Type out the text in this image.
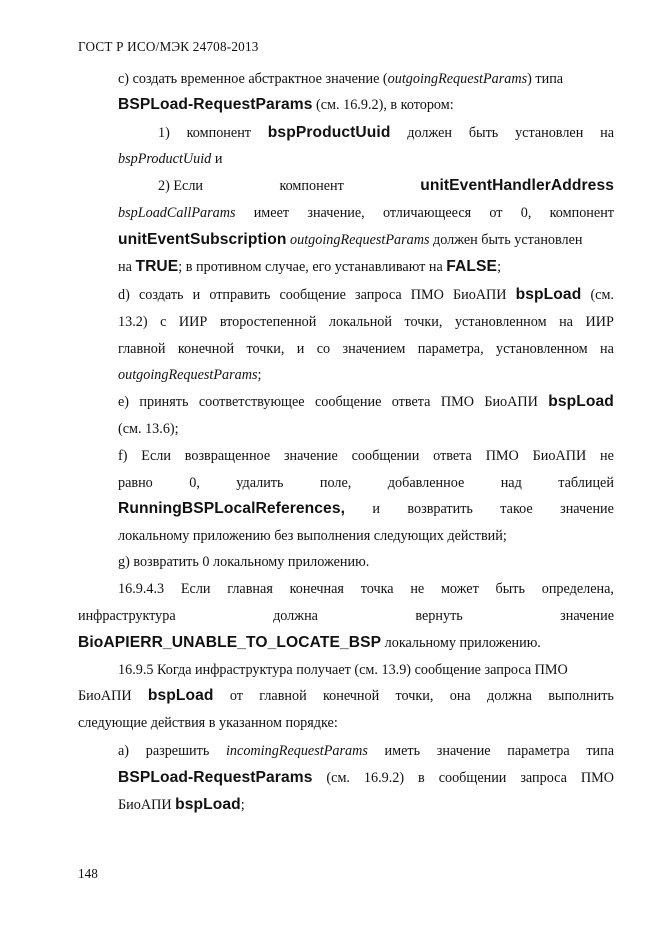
ГОСТ Р ИСО/МЭК 24708-2013
c) создать временное абстрактное значение (outgoingRequestParams) типа
BSPLoad-RequestParams (см. 16.9.2), в котором:
1) компонент bspProductUuid должен быть установлен на
bspProductUuid и
2) Если	компонент	unitEventHandlerAddress
bspLoadCallParams имеет значение, отличающееся от 0, компонент
unitEventSubscription outgoingRequestParams должен быть установлен
на TRUE; в противном случае, его устанавливают на FALSE;
d) создать и отправить сообщение запроса ПМО БиоАПИ bspLoad (см.
13.2) с ИИР второстепенной локальной точки, установленном на ИИР
главной конечной точки, и со значением параметра, установленном на
outgoingRequestParams;
e) принять соответствующее сообщение ответа ПМО БиоАПИ bspLoad
(см. 13.6);
f) Если возвращенное значение сообщении ответа ПМО БиоАПИ не
равно	0,	удалить	поле,	добавленное	над	таблицей
RunningBSPLocalReferences, и возвратить такое значение
локальному приложению без выполнения следующих действий;
g) возвратить 0 локальному приложению.
16.9.4.3 Если главная конечная точка не может быть определена,
инфраструктура	должна	вернуть	значение
BioAPIERR_UNABLE_TO_LOCATE_BSP локальному приложению.
16.9.5 Когда инфраструктура получает (см. 13.9) сообщение запроса ПМО
БиоАПИ bspLoad от главной конечной точки, она должна выполнить
следующие действия в указанном порядке:
a) разрешить incomingRequestParams иметь значение параметра типа
BSPLoad-RequestParams (см. 16.9.2) в сообщении запроса ПМО
БиоАПИ bspLoad;
148
